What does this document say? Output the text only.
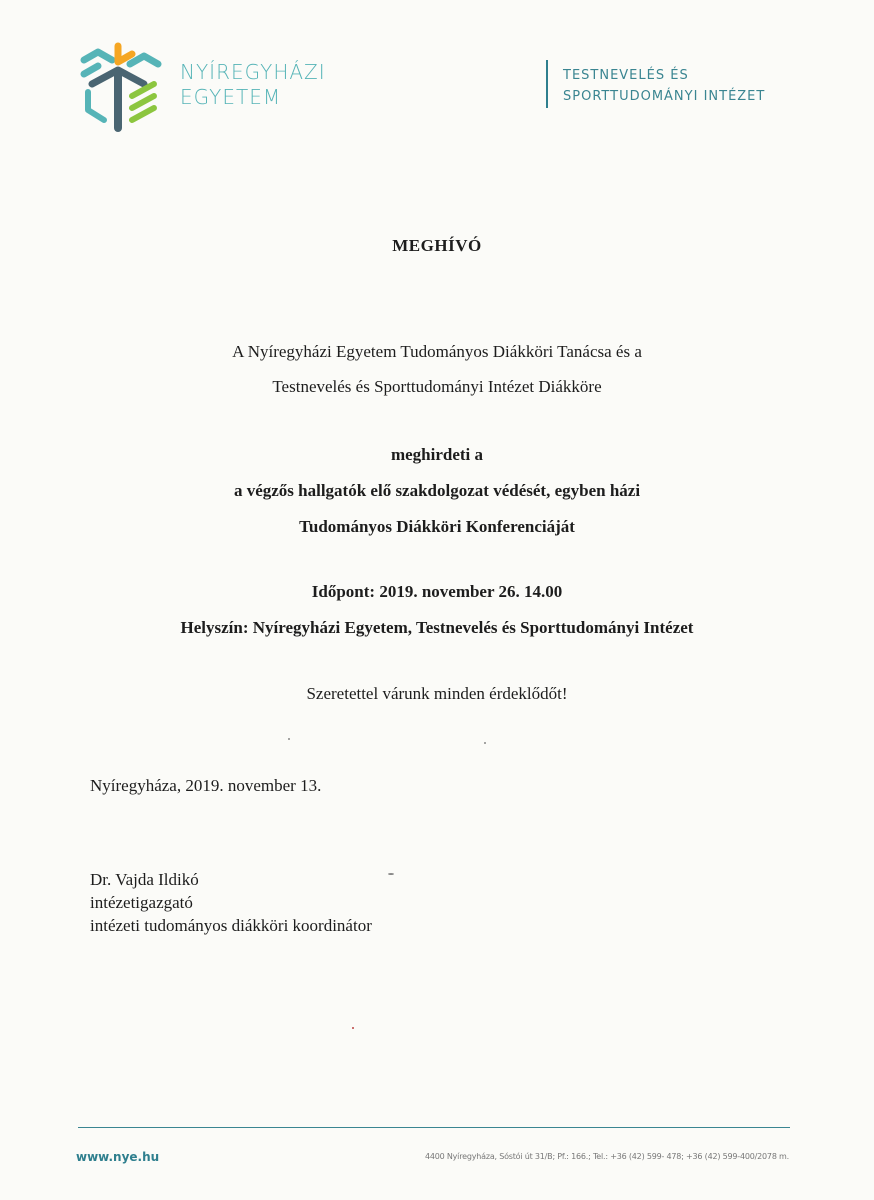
NYÍREGYHÁZI
EGYETEM
TESTNEVELÉS ÉS
SPORTTUDOMÁNYI INTÉZET
MEGHÍVÓ
A Nyíregyházi Egyetem Tudományos Diákköri Tanácsa és a
Testnevelés és Sporttudományi Intézet Diákköre
meghirdeti a
a végzős hallgatók elő szakdolgozat védését, egyben házi
Tudományos Diákköri Konferenciáját
Időpont: 2019. november 26. 14.00
Helyszín: Nyíregyházi Egyetem, Testnevelés és Sporttudományi Intézet
Szeretettel várunk minden érdeklődőt!
Nyíregyháza, 2019. november 13.
Dr. Vajda Ildikó
intézetigazgató
intézeti tudományos diákköri koordinátor
www.nye.hu	4400 Nyíregyháza, Sóstói út 31/B; Pf.: 166.; Tel.: +36 (42) 599- 478; +36 (42) 599-400/2078 m.
